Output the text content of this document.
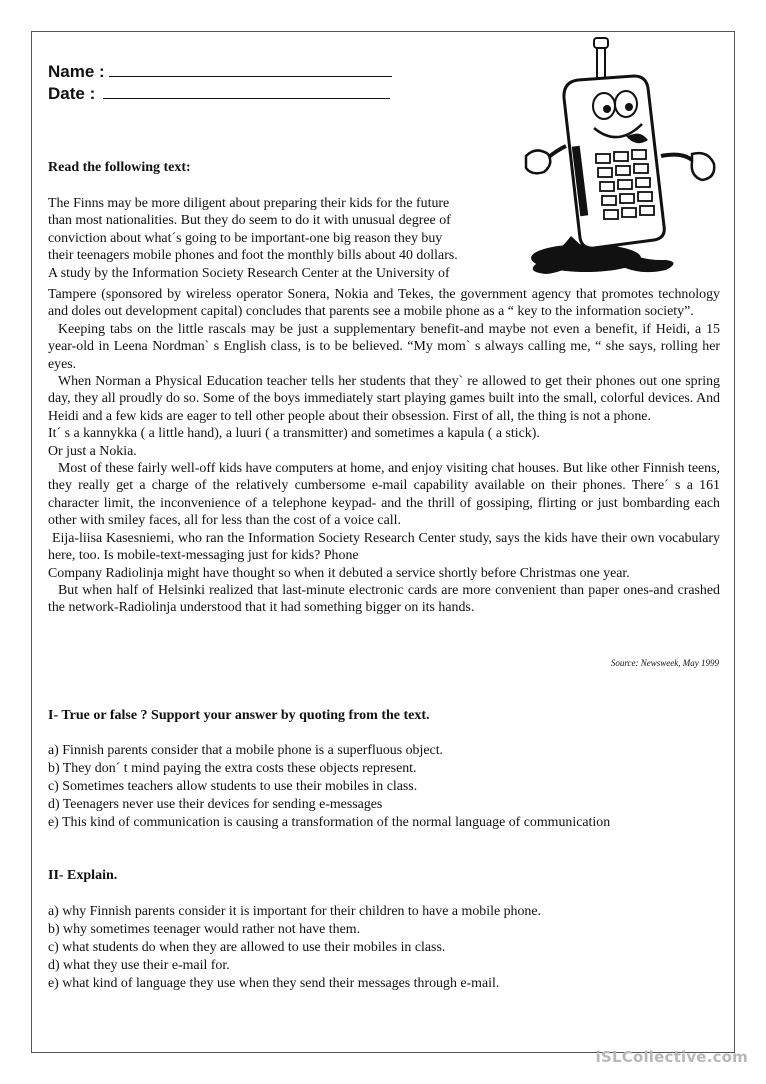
Name :
Date :
Read the following text:

The Finns may be more diligent about preparing their kids for the future

than most nationalities. But they do seem to do it with unusual degree of

conviction about what´s going to be important-one big reason they buy

their teenagers mobile phones and foot the monthly bills about 40 dollars.

A study by the Information Society Research Center at the University of

Tampere (sponsored by wireless operator Sonera, Nokia and Tekes, the government agency that promotes technology and doles out development capital) concludes that parents see a mobile phone as a “ key to the information society”.

Keeping tabs on the little rascals may be just a supplementary benefit-and maybe not even a benefit, if Heidi, a 15 year-old in Leena Nordman` s English class, is to be believed. “My mom` s always calling me, “ she says, rolling her eyes.

When Norman a Physical Education teacher tells her students that they` re allowed to get their phones out one spring day, they all proudly do so. Some of the boys immediately start playing games built into the small, colorful devices. And Heidi and a few kids are eager to tell other people about their obsession. First of all, the thing is not a phone.

It´ s a kannykka ( a little hand), a luuri ( a transmitter) and sometimes a kapula ( a stick).

Or just a Nokia.

Most of these fairly well-off kids have computers at home, and enjoy visiting chat houses. But like other Finnish teens, they really get a charge of the relatively cumbersome e-mail capability available on their phones. There´ s a 161 character limit, the inconvenience of a telephone keypad- and the thrill of gossiping, flirting or just bombarding each other with smiley faces, all for less than the cost of a voice call.

Eija-liisa Kasesniemi, who ran the Information Society Research Center study, says the kids have their own vocabulary here, too. Is mobile-text-messaging just for kids? Phone

Company Radiolinja might have thought so when it debuted a service shortly before Christmas one year.

But when half of Helsinki realized that last-minute electronic cards are more convenient than paper ones-and crashed the network-Radiolinja understood that it had something bigger on its hands.

Source: Newsweek, May 1999
I- True or false ? Support your answer by quoting from the text.
a) Finnish parents consider that a mobile phone is a superfluous object.
b) They don´ t mind paying the extra costs these objects represent.
c) Sometimes teachers allow students to use their mobiles in class.
d) Teenagers never use their devices for sending e-messages
e) This kind of communication is causing a transformation of the normal language of communication
II- Explain.
a) why Finnish parents consider it is important for their children to have a mobile phone.
b) why sometimes teenager would rather not have them.
c) what students do when they are allowed to use their mobiles in class.
d) what they use their e-mail for.
e) what kind of language they use when they send their messages through e-mail.
iSLCollective.com
